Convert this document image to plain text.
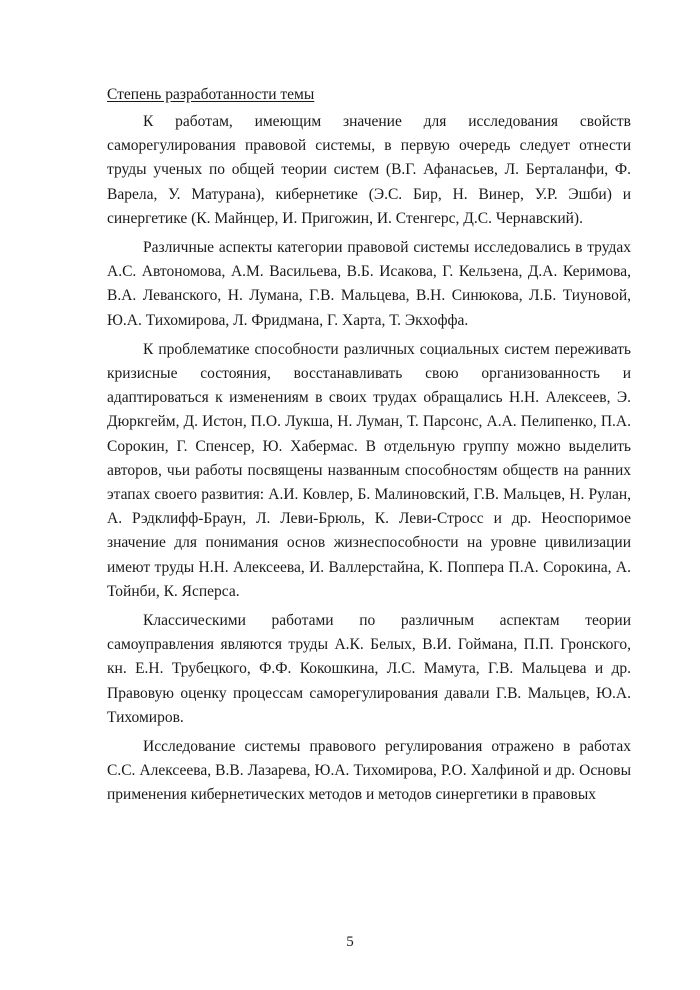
Степень разработанности темы

К работам, имеющим значение для исследования свойств саморегулирования правовой системы, в первую очередь следует отнести труды ученых по общей теории систем (В.Г. Афанасьев, Л. Берталанфи, Ф. Варела, У. Матурана), кибернетике (Э.С. Бир, Н. Винер, У.Р. Эшби) и синергетике (К. Майнцер, И. Пригожин, И. Стенгерс, Д.С. Чернавский).

Различные аспекты категории правовой системы исследовались в трудах А.С. Автономова, А.М. Васильева, В.Б. Исакова, Г. Кельзена, Д.А. Керимова, В.А. Леванского, Н. Лумана, Г.В. Мальцева, В.Н. Синюкова, Л.Б. Тиуновой, Ю.А. Тихомирова, Л. Фридмана, Г. Харта, Т. Экхоффа.

К проблематике способности различных социальных систем переживать кризисные состояния, восстанавливать свою организованность и адаптироваться к изменениям в своих трудах обращались Н.Н. Алексеев, Э. Дюркгейм, Д. Истон, П.О. Лукша, Н. Луман, Т. Парсонс, А.А. Пелипенко, П.А. Сорокин, Г. Спенсер, Ю. Хабермас. В отдельную группу можно выделить авторов, чьи работы посвящены названным способностям обществ на ранних этапах своего развития: А.И. Ковлер, Б. Малиновский, Г.В. Мальцев, Н. Рулан, А. Рэдклифф-Браун, Л. Леви-Брюль, К. Леви-Стросс и др. Неоспоримое значение для понимания основ жизнеспособности на уровне цивилизации имеют труды Н.Н. Алексеева, И. Валлерстайна, К. Поппера П.А. Сорокина, А. Тойнби, К. Ясперса.

Классическими работами по различным аспектам теории самоуправления являются труды А.К. Белых, В.И. Гоймана, П.П. Гронского, кн. Е.Н. Трубецкого, Ф.Ф. Кокошкина, Л.С. Мамута, Г.В. Мальцева и др. Правовую оценку процессам саморегулирования давали Г.В. Мальцев, Ю.А. Тихомиров.

Исследование системы правового регулирования отражено в работах С.С. Алексеева, В.В. Лазарева, Ю.А. Тихомирова, Р.О. Халфиной и др. Основы применения кибернетических методов и методов синергетики в правовых

5
